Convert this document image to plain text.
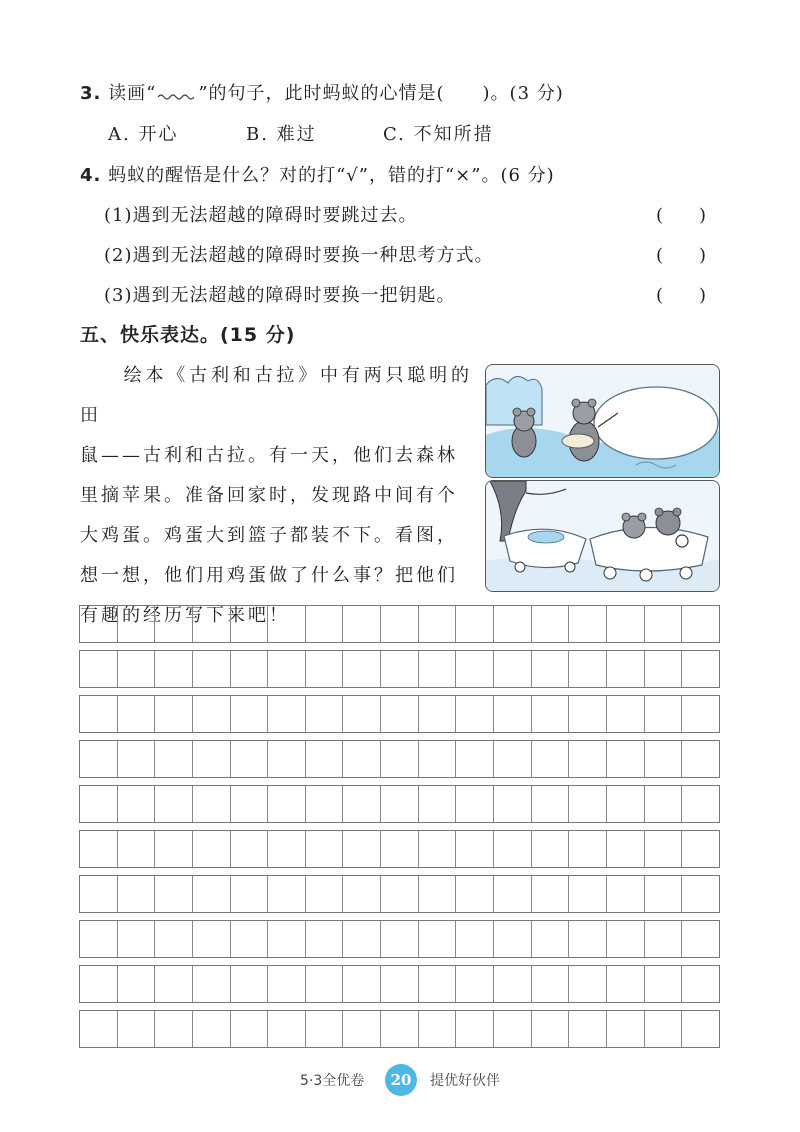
3. 读画“ ”的句子，此时蚂蚁的心情是(　　)。(3 分)
A. 开心	B. 难过	C. 不知所措
4. 蚂蚁的醒悟是什么？对的打“√”，错的打“×”。(6 分)
(1)遇到无法超越的障碍时要跳过去。	(　　)
(2)遇到无法超越的障碍时要换一种思考方式。	(　　)
(3)遇到无法超越的障碍时要换一把钥匙。	(　　)
五、快乐表达。(15 分)
　　绘本《古利和古拉》中有两只聪明的田
鼠——古利和古拉。有一天，他们去森林
里摘苹果。准备回家时，发现路中间有个
大鸡蛋。鸡蛋大到篮子都装不下。看图，
想一想，他们用鸡蛋做了什么事？把他们
有趣的经历写下来吧！
5·3全优卷 20 提优好伙伴
